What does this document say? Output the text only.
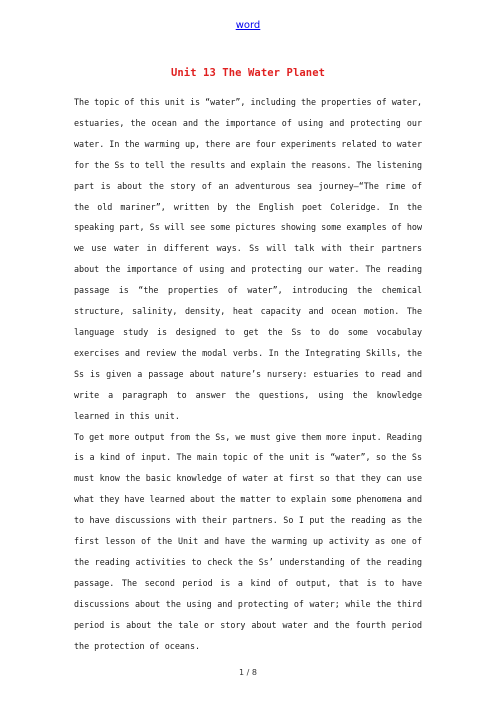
word
Unit 13 The Water Planet

The topic of this unit is “water”, including the properties of water, estuaries, the ocean and the importance of using and protecting our water. In the warming up, there are four experiments related to water for the Ss to tell the results and explain the reasons. The listening part is about the story of an adventurous sea journey—“The rime of the old mariner”, written by the English poet Coleridge. In the speaking part, Ss will see some pictures showing some examples of how we use water in different ways. Ss will talk with their partners about the importance of using and protecting our water. The reading passage is “the properties of water”, introducing the chemical structure, salinity, density, heat capacity and ocean motion. The language study is designed to get the Ss to do some vocabulay exercises and review the modal verbs. In the Integrating Skills, the Ss is given a passage about nature’s nursery: estuaries to read and write a paragraph to answer the questions, using the knowledge learned in this unit.

To get more output from the Ss, we must give them more input. Reading is a kind of input. The main topic of the unit is “water”, so the Ss must know the basic knowledge of water at first so that they can use what they have learned about the matter to explain some phenomena and to have discussions with their partners. So I put the reading as the first lesson of the Unit and have the warming up activity as one of the reading activities to check the Ss’ understanding of the reading passage. The second period is a kind of output, that is to have discussions about the using and protecting of water; while the third period is about the tale or story about water and the fourth period the protection of oceans.

1 / 8
